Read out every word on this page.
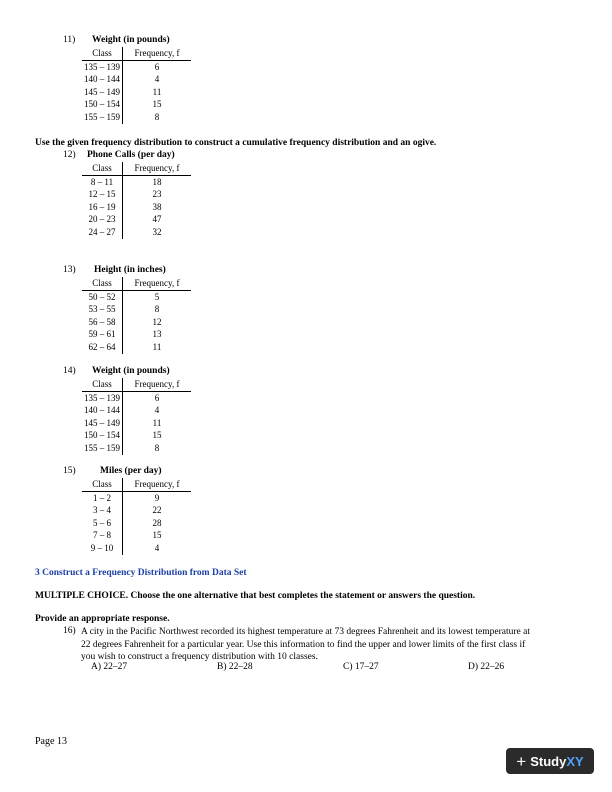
11) Weight (in pounds)
Class	Frequency, f
135 – 139	6
140 – 144	4
145 – 149	11
150 – 154	15
155 – 159	8
Use the given frequency distribution to construct a cumulative frequency distribution and an ogive.
12) Phone Calls (per day)
Class	Frequency, f
8 – 11	18
12 – 15	23
16 – 19	38
20 – 23	47
24 – 27	32
13) Height (in inches)
Class	Frequency, f
50 – 52	5
53 – 55	8
56 – 58	12
59 – 61	13
62 – 64	11
14) Weight (in pounds)
Class	Frequency, f
135 – 139	6
140 – 144	4
145 – 149	11
150 – 154	15
155 – 159	8
15)	Miles (per day)
Class	Frequency, f
1 – 2	9
3 – 4	22
5 – 6	28
7 – 8	15
9 – 10	4
3 Construct a Frequency Distribution from Data Set
MULTIPLE CHOICE. Choose the one alternative that best completes the statement or answers the question.
Provide an appropriate response.
16) A city in the Pacific Northwest recorded its highest temperature at 73 degrees Fahrenheit and its lowest temperature at 22 degrees Fahrenheit for a particular year. Use this information to find the upper and lower limits of the first class if you wish to construct a frequency distribution with 10 classes.
A) 22–27	B) 22–28	C) 17–27	D) 22–26
Page 13
+ StudyXY
